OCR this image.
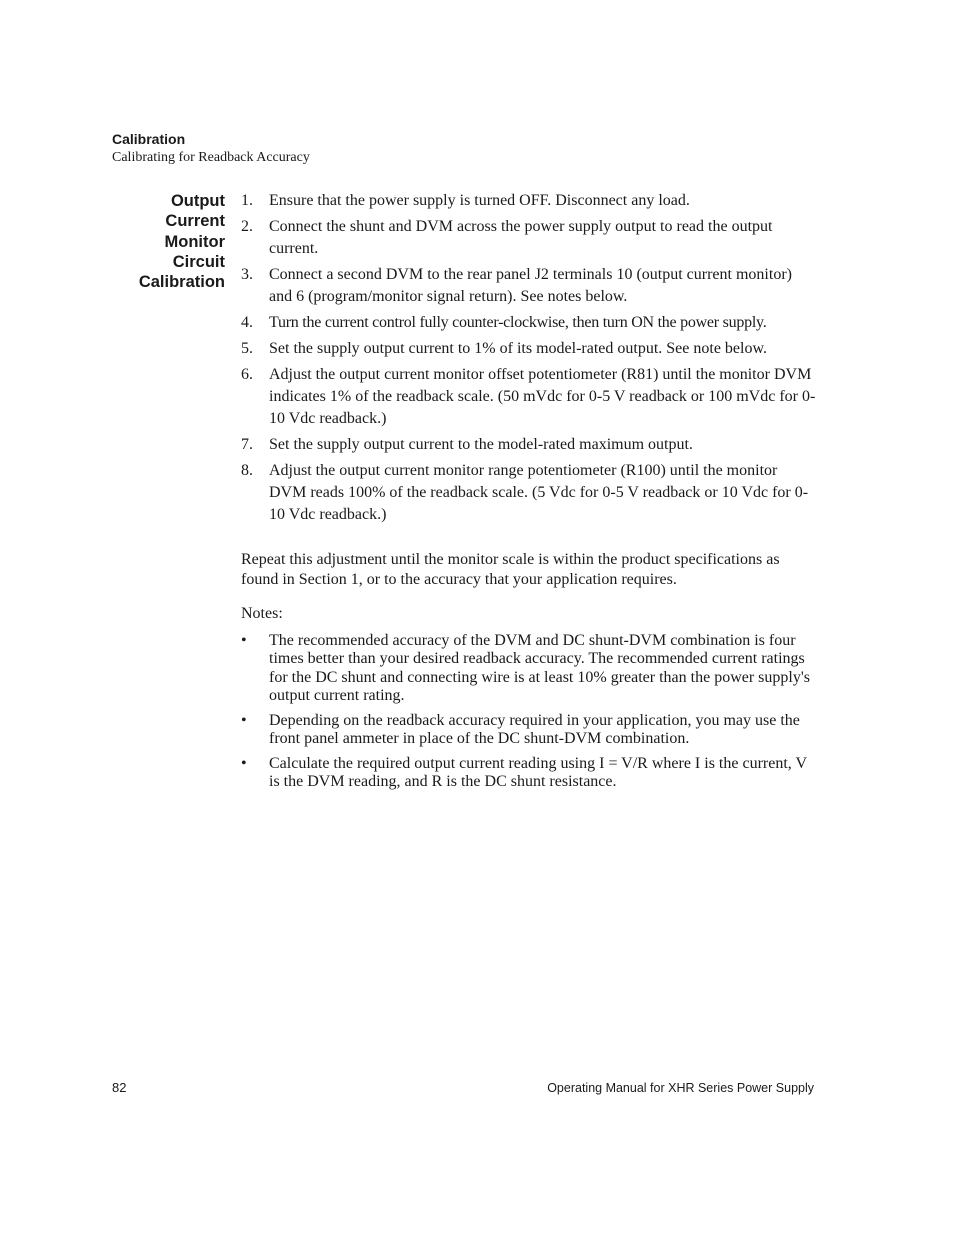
Calibration
Calibrating for Readback Accuracy
Output
Current
Monitor
Circuit
Calibration
1.	Ensure that the power supply is turned OFF. Disconnect any load.
2.	Connect the shunt and DVM across the power supply output to read the output current.
3.	Connect a second DVM to the rear panel J2 terminals 10 (output current monitor) and 6 (program/monitor signal return). See notes below.
4.	Turn the current control fully counter-clockwise, then turn ON the power supply.
5.	Set the supply output current to 1% of its model-rated output. See note below.
6.	Adjust the output current monitor offset potentiometer (R81) until the monitor DVM indicates 1% of the readback scale. (50 mVdc for 0-5 V readback or 100 mVdc for 0-10 Vdc readback.)
7.	Set the supply output current to the model-rated maximum output.
8.	Adjust the output current monitor range potentiometer (R100) until the monitor DVM reads 100% of the readback scale. (5 Vdc for 0-5 V readback or 10 Vdc for 0-10 Vdc readback.)

Repeat this adjustment until the monitor scale is within the product specifications as found in Section 1, or to the accuracy that your application requires.

Notes:

•	The recommended accuracy of the DVM and DC shunt-DVM combination is four times better than your desired readback accuracy. The recommended current ratings for the DC shunt and connecting wire is at least 10% greater than the power supply's output current rating.
•	Depending on the readback accuracy required in your application, you may use the front panel ammeter in place of the DC shunt-DVM combination.
•	Calculate the required output current reading using I = V/R where I is the current, V is the DVM reading, and R is the DC shunt resistance.
82	Operating Manual for XHR Series Power Supply
